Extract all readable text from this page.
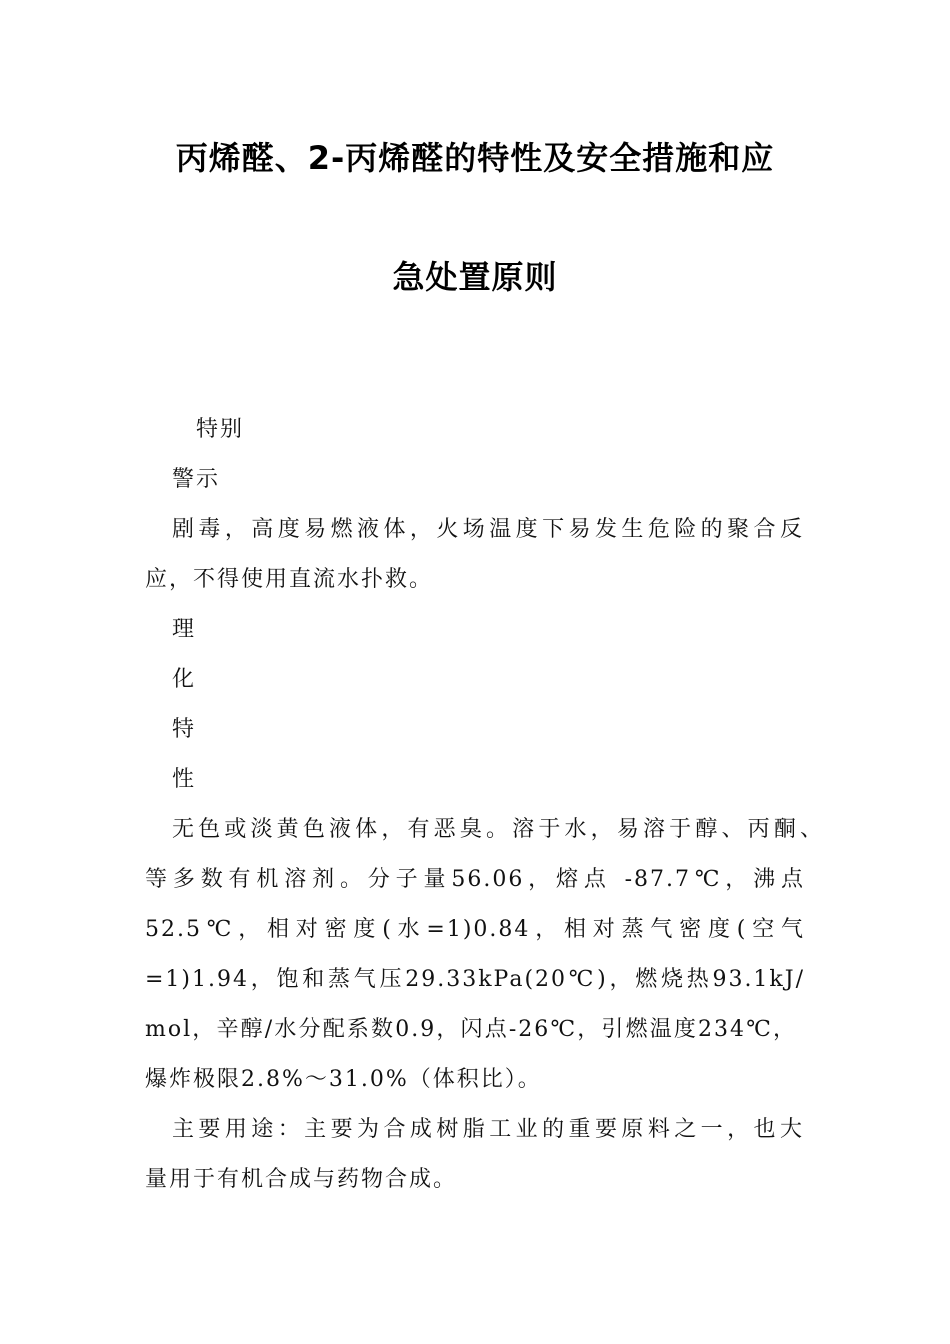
丙烯醛、2-丙烯醛的特性及安全措施和应
急处置原则
特别
警示
剧毒，高度易燃液体，火场温度下易发生危险的聚合反
应，不得使用直流水扑救。
理
化
特
性
无色或淡黄色液体，有恶臭。溶于水，易溶于醇、丙酮、
等多数有机溶剂。分子量56.06，熔点 -87.7℃，沸点
52.5℃，相对密度(水=1)0.84，相对蒸气密度(空气
=1)1.94，饱和蒸气压29.33kPa(20℃)，燃烧热93.1kJ/
mol，辛醇/水分配系数0.9，闪点-26℃，引燃温度234℃，
爆炸极限2.8%～31.0%（体积比）。
主要用途：主要为合成树脂工业的重要原料之一，也大
量用于有机合成与药物合成。
